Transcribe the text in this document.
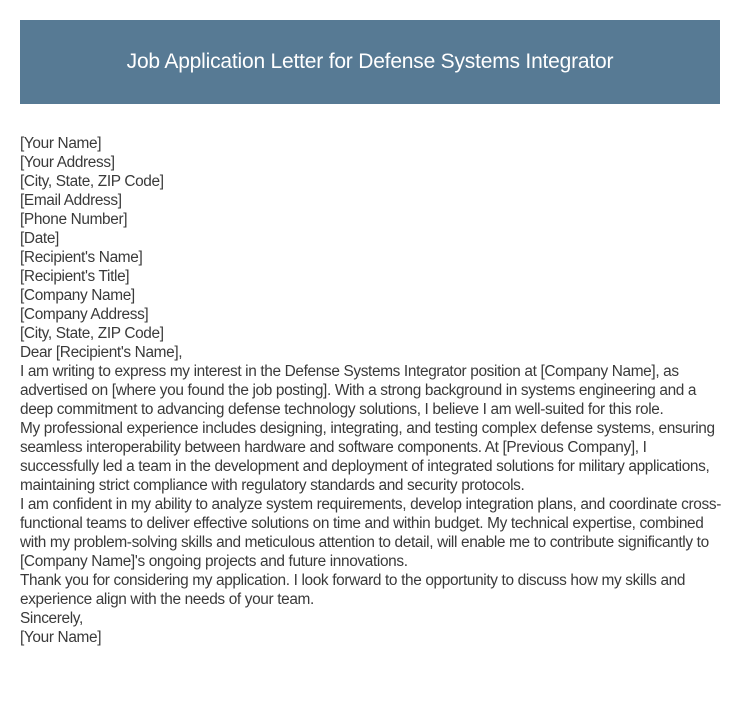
Job Application Letter for Defense Systems Integrator

[Your Name]

[Your Address]

[City, State, ZIP Code]

[Email Address]

[Phone Number]

[Date]

[Recipient's Name]

[Recipient's Title]

[Company Name]

[Company Address]

[City, State, ZIP Code]

Dear [Recipient's Name],

I am writing to express my interest in the Defense Systems Integrator position at [Company Name], as advertised on [where you found the job posting]. With a strong background in systems engineering and a deep commitment to advancing defense technology solutions, I believe I am well-suited for this role.

My professional experience includes designing, integrating, and testing complex defense systems, ensuring seamless interoperability between hardware and software components. At [Previous Company], I successfully led a team in the development and deployment of integrated solutions for military applications, maintaining strict compliance with regulatory standards and security protocols.

I am confident in my ability to analyze system requirements, develop integration plans, and coordinate cross-functional teams to deliver effective solutions on time and within budget. My technical expertise, combined with my problem-solving skills and meticulous attention to detail, will enable me to contribute significantly to [Company Name]'s ongoing projects and future innovations.

Thank you for considering my application. I look forward to the opportunity to discuss how my skills and experience align with the needs of your team.

Sincerely,

[Your Name]
